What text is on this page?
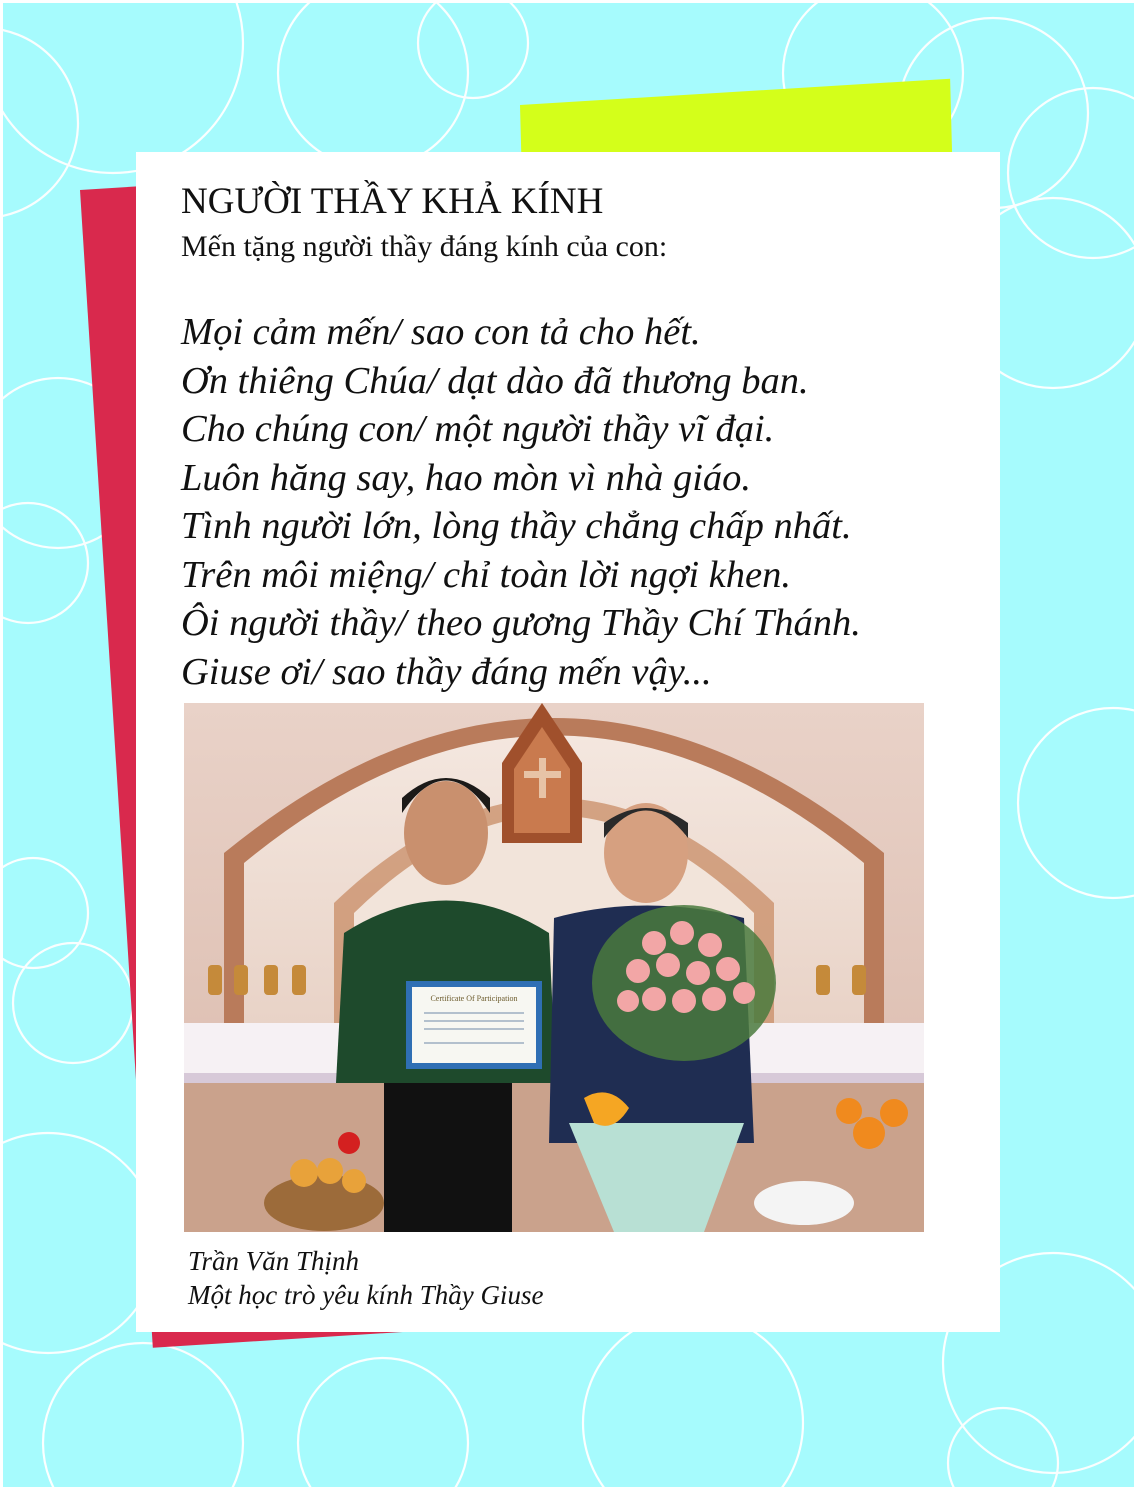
NGƯỜI THẦY KHẢ KÍNH
Mến tặng người thầy đáng kính của con:
Mọi cảm mến/ sao con tả cho hết.
Ơn thiêng Chúa/ dạt dào đã thương ban.
Cho chúng con/ một người thầy vĩ đại.
Luôn hăng say, hao mòn vì nhà giáo.
Tình người lớn, lòng thầy chẳng chấp nhất.
Trên môi miệng/ chỉ toàn lời ngợi khen.
Ôi người thầy/ theo gương Thầy Chí Thánh.
Giuse ơi/ sao thầy đáng mến vậy...
Certificate Of Participation
Trần Văn Thịnh
Một học trò yêu kính Thầy Giuse
